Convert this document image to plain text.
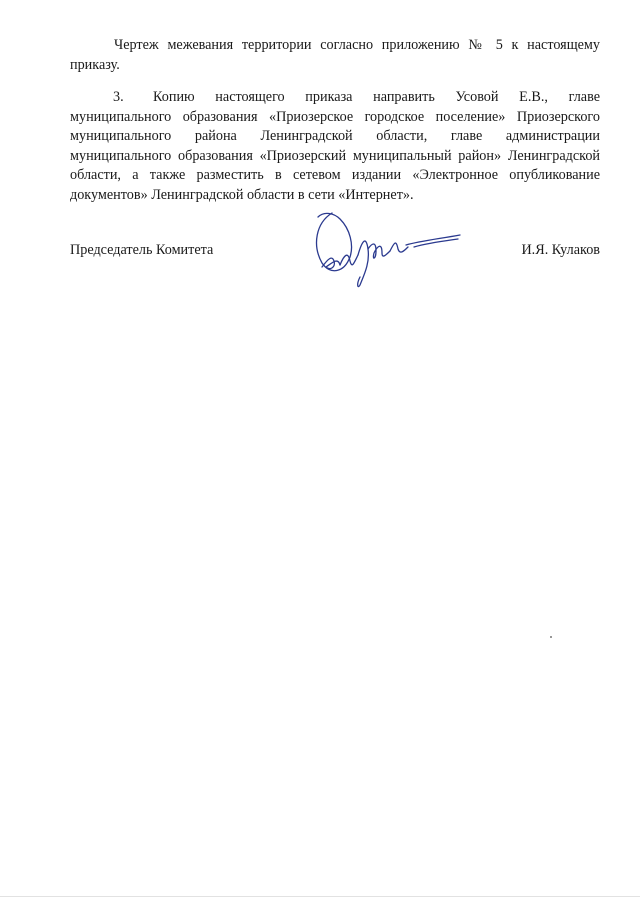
Чертеж межевания территории согласно приложению № 5 к настоящему приказу.

3. Копию настоящего приказа направить Усовой Е.В., главе муниципального образования «Приозерское городское поселение» Приозерского муниципального района Ленинградской области, главе администрации муниципального образования «Приозерский муниципальный район» Ленинградской области, а также разместить в сетевом издании «Электронное опубликование документов» Ленинградской области в сети «Интернет».

Председатель Комитета	И.Я. Кулаков
